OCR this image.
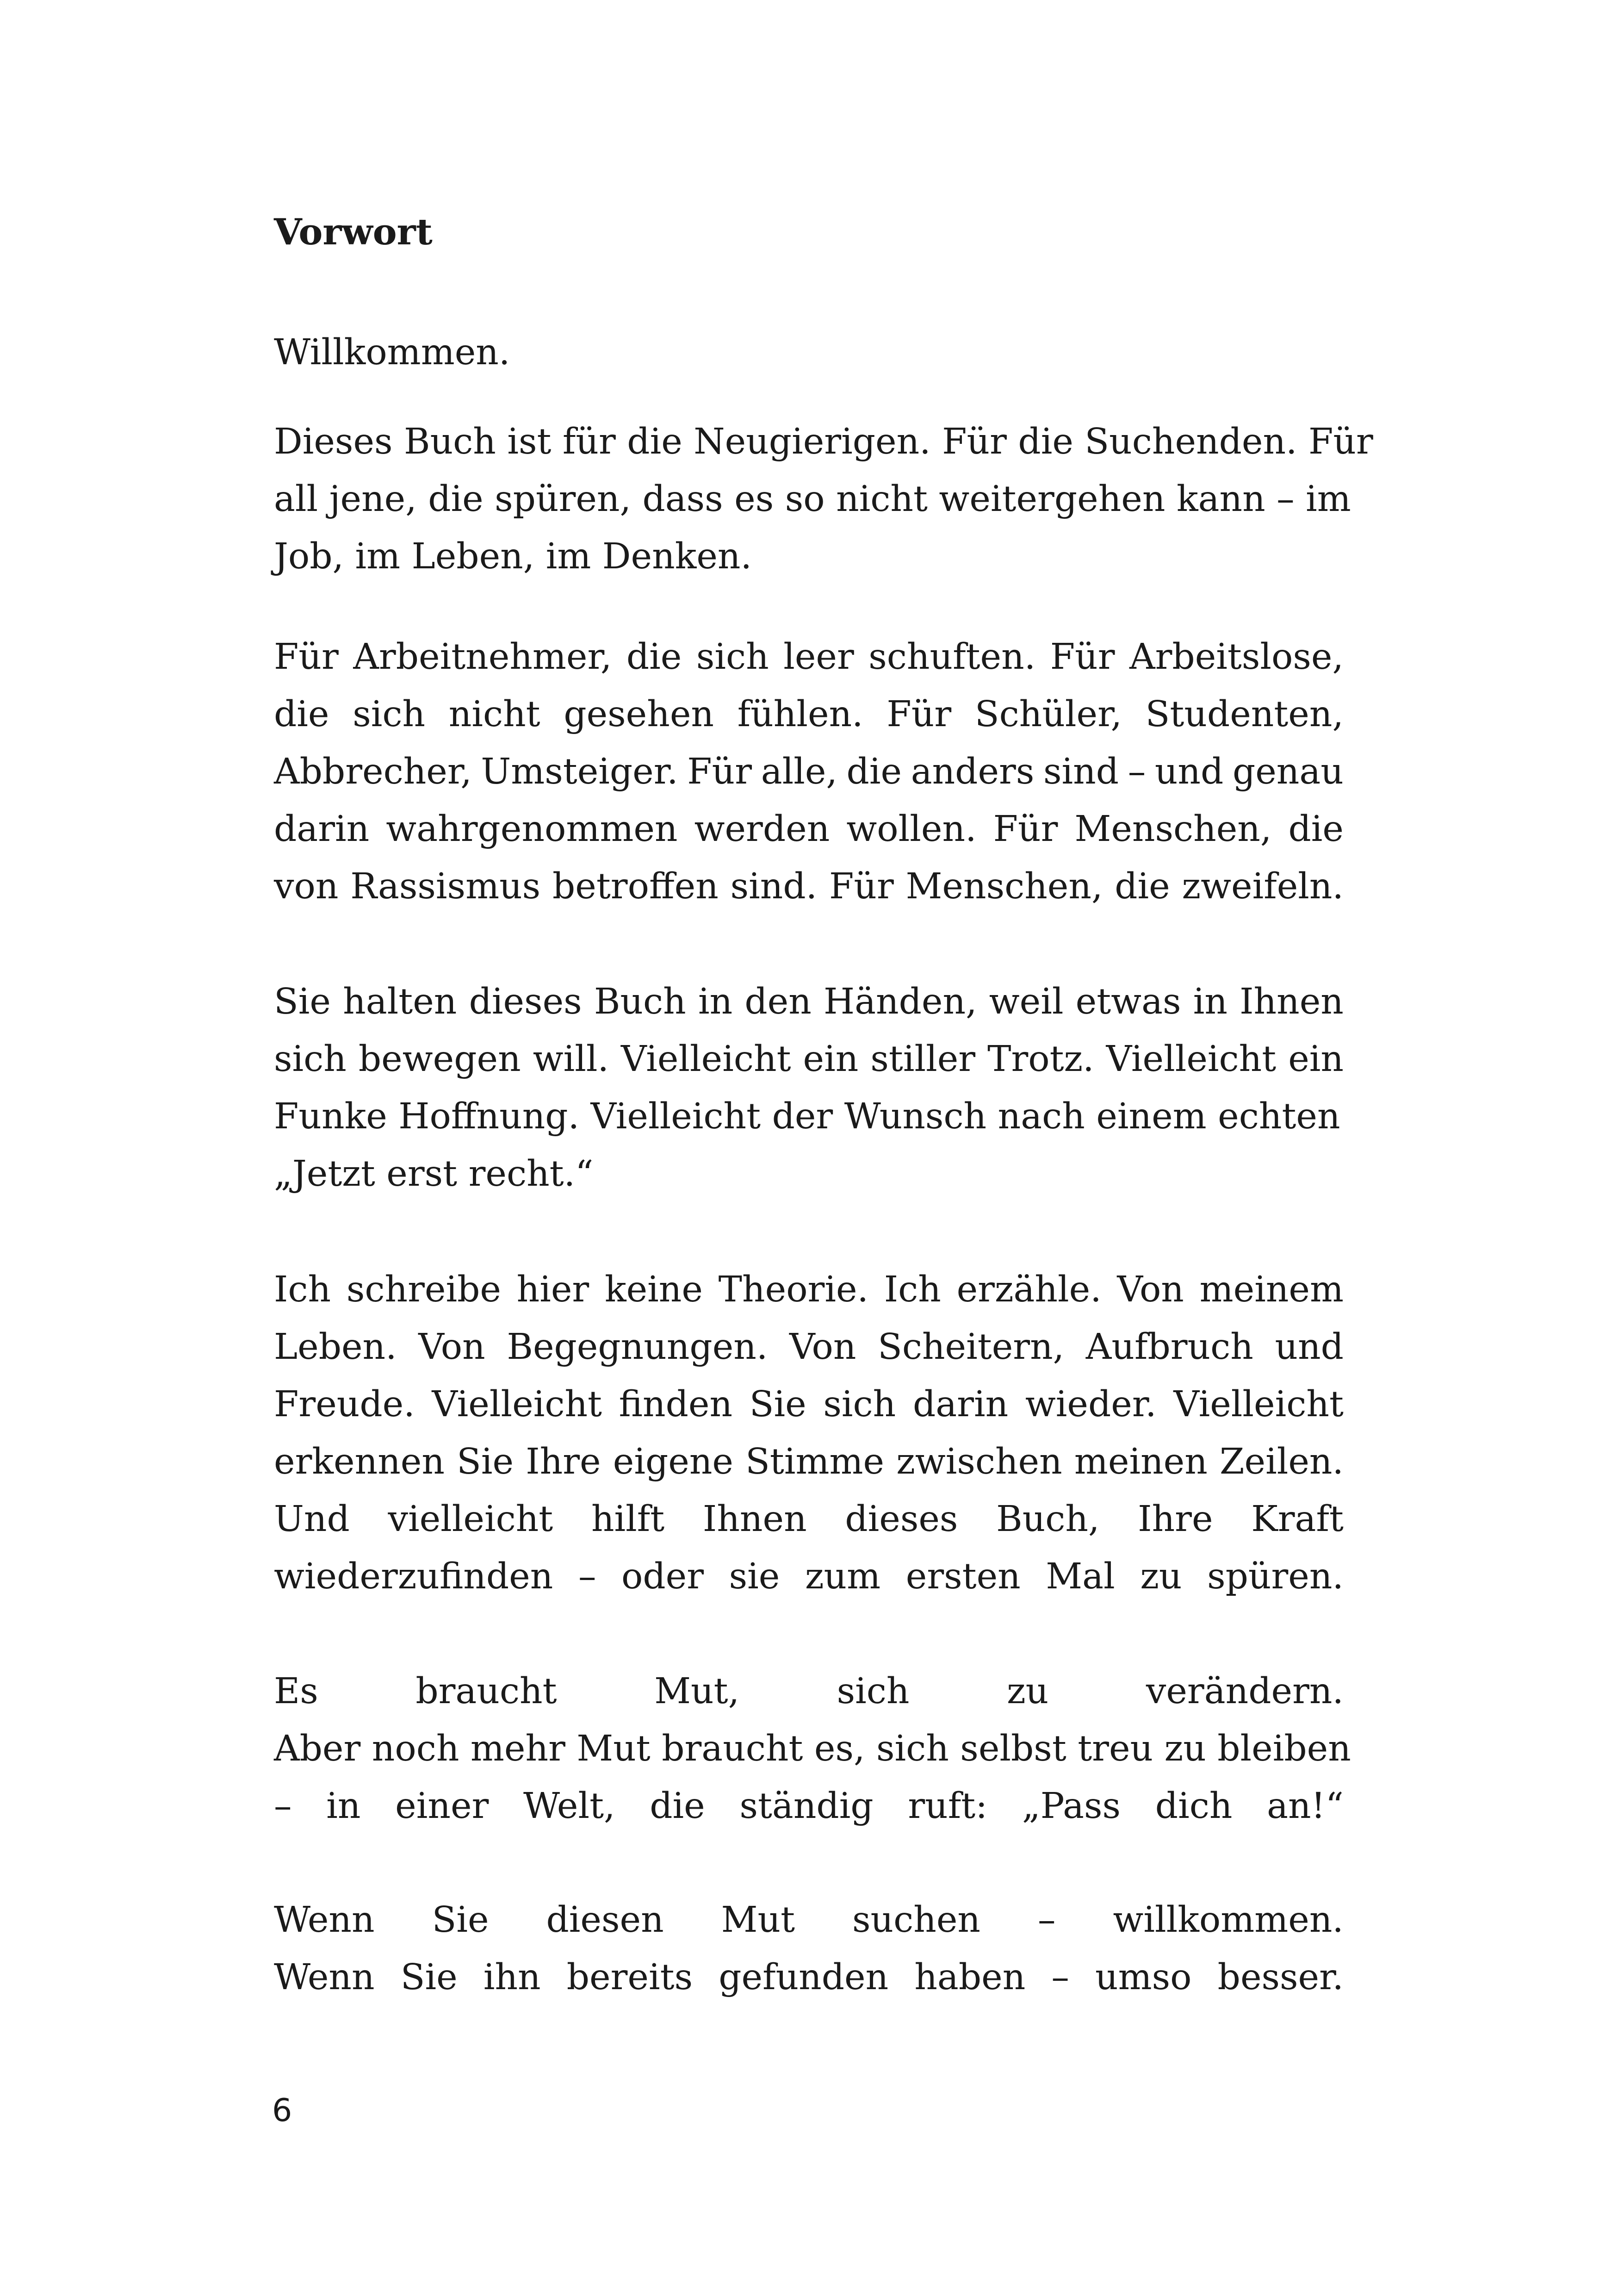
Vorwort

Willkommen.

Dieses Buch ist für die Neugierigen. Für die Suchenden. Für
all jene, die spüren, dass es so nicht weitergehen kann – im
Job, im Leben, im Denken.

Für Arbeitnehmer, die sich leer schuften. Für Arbeitslose,
die sich nicht gesehen fühlen. Für Schüler, Studenten,
Abbrecher, Umsteiger. Für alle, die anders sind – und genau
darin wahrgenommen werden wollen. Für Menschen, die
von Rassismus betroffen sind. Für Menschen, die zweifeln.

Sie halten dieses Buch in den Händen, weil etwas in Ihnen
sich bewegen will. Vielleicht ein stiller Trotz. Vielleicht ein
Funke Hoffnung. Vielleicht der Wunsch nach einem echten
„Jetzt erst recht.“

Ich schreibe hier keine Theorie. Ich erzähle. Von meinem
Leben. Von Begegnungen. Von Scheitern, Aufbruch und
Freude. Vielleicht finden Sie sich darin wieder. Vielleicht
erkennen Sie Ihre eigene Stimme zwischen meinen Zeilen.
Und vielleicht hilft Ihnen dieses Buch, Ihre Kraft
wiederzufinden – oder sie zum ersten Mal zu spüren.

Es	braucht	Mut,	sich	zu	verändern.
Aber noch mehr Mut braucht es, sich selbst treu zu bleiben
– in einer Welt, die ständig ruft: „Pass dich an!“

Wenn Sie diesen Mut suchen – willkommen.
Wenn Sie ihn bereits gefunden haben – umso besser.

6
